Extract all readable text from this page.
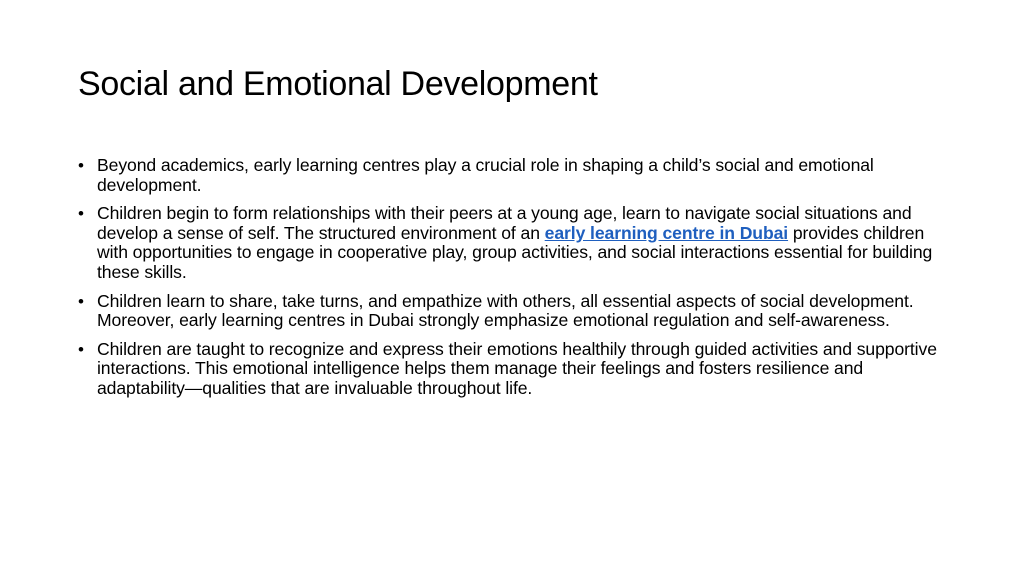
Social and Emotional Development
• Beyond academics, early learning centres play a crucial role in shaping a child’s social and emotional development.
• Children begin to form relationships with their peers at a young age, learn to navigate social situations and develop a sense of self. The structured environment of an early learning centre in Dubai provides children with opportunities to engage in cooperative play, group activities, and social interactions essential for building these skills.
• Children learn to share, take turns, and empathize with others, all essential aspects of social development. Moreover, early learning centres in Dubai strongly emphasize emotional regulation and self-awareness.
• Children are taught to recognize and express their emotions healthily through guided activities and supportive interactions. This emotional intelligence helps them manage their feelings and fosters resilience and adaptability—qualities that are invaluable throughout life.
